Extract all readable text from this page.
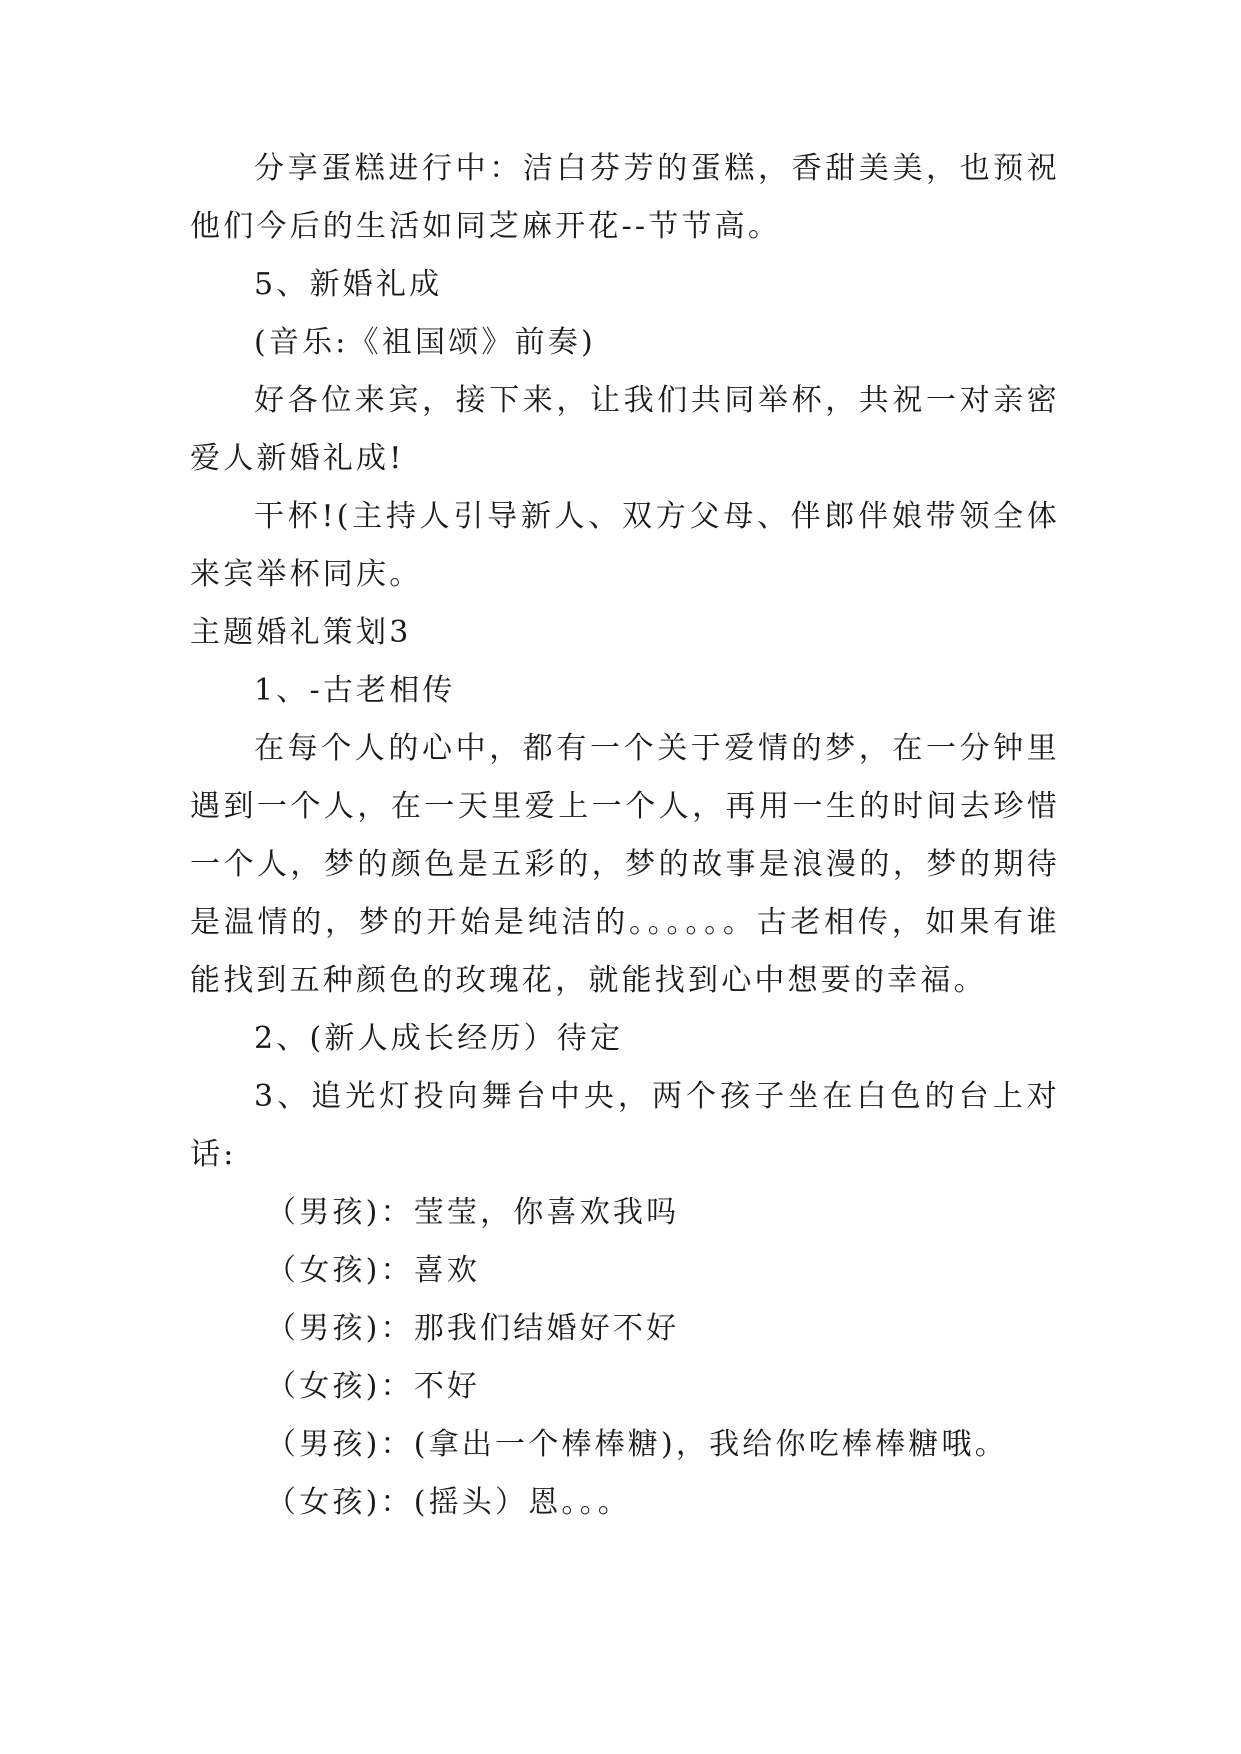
分享蛋糕进行中：洁白芬芳的蛋糕，香甜美美，也预祝他们今后的生活如同芝麻开花--节节高。

5、新婚礼成

(音乐:《祖国颂》前奏)

好各位来宾，接下来，让我们共同举杯，共祝一对亲密爱人新婚礼成!

干杯!(主持人引导新人、双方父母、伴郎伴娘带领全体来宾举杯同庆。

主题婚礼策划3

1、-古老相传

在每个人的心中，都有一个关于爱情的梦，在一分钟里遇到一个人，在一天里爱上一个人，再用一生的时间去珍惜一个人，梦的颜色是五彩的，梦的故事是浪漫的，梦的期待是温情的，梦的开始是纯洁的。。。。。。古老相传，如果有谁能找到五种颜色的玫瑰花，就能找到心中想要的幸福。

2、(新人成长经历）待定

3、追光灯投向舞台中央，两个孩子坐在白色的台上对话:

（男孩)：莹莹，你喜欢我吗

（女孩)：喜欢

（男孩)：那我们结婚好不好

（女孩)：不好

（男孩)：(拿出一个棒棒糖)，我给你吃棒棒糖哦。

（女孩)：(摇头）恩。。。
